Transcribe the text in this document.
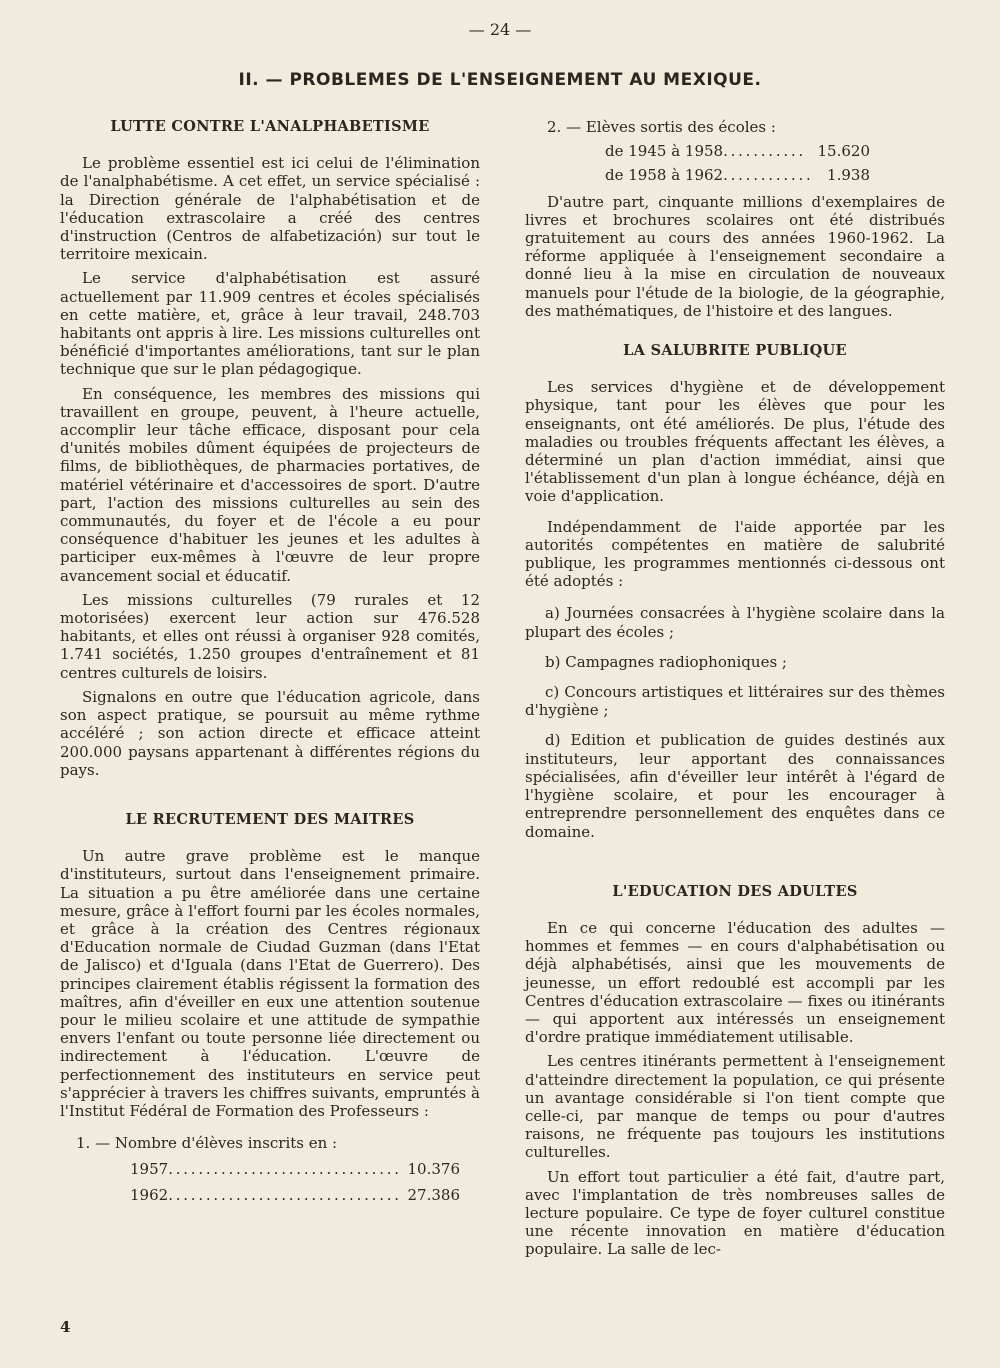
— 24 —
II. — PROBLEMES DE L'ENSEIGNEMENT AU MEXIQUE.
LUTTE CONTRE L'ANALPHABETISME

Le problème essentiel est ici celui de l'élimination de l'analphabétisme. A cet effet, un service spécialisé : la Direction générale de l'alphabétisation et de l'éducation extrascolaire a créé des centres d'instruction (Centros de alfabetización) sur tout le territoire mexicain.

Le service d'alphabétisation est assuré actuellement par 11.909 centres et écoles spécialisés en cette matière, et, grâce à leur travail, 248.703 habitants ont appris à lire. Les missions culturelles ont bénéficié d'importantes améliorations, tant sur le plan technique que sur le plan pédagogique.

En conséquence, les membres des missions qui travaillent en groupe, peuvent, à l'heure actuelle, accomplir leur tâche efficace, disposant pour cela d'unités mobiles dûment équipées de projecteurs de films, de bibliothèques, de pharmacies portatives, de matériel vétérinaire et d'accessoires de sport. D'autre part, l'action des missions culturelles au sein des communautés, du foyer et de l'école a eu pour conséquence d'habituer les jeunes et les adultes à participer eux-mêmes à l'œuvre de leur propre avancement social et éducatif.

Les missions culturelles (79 rurales et 12 motorisées) exercent leur action sur 476.528 habitants, et elles ont réussi à organiser 928 comités, 1.741 sociétés, 1.250 groupes d'entraînement et 81 centres culturels de loisirs.

Signalons en outre que l'éducation agricole, dans son aspect pratique, se poursuit au même rythme accéléré ; son action directe et efficace atteint 200.000 paysans appartenant à différentes régions du pays.

LE RECRUTEMENT DES MAITRES

Un autre grave problème est le manque d'instituteurs, surtout dans l'enseignement primaire. La situation a pu être améliorée dans une certaine mesure, grâce à l'effort fourni par les écoles normales, et grâce à la création des Centres régionaux d'Education normale de Ciudad Guzman (dans l'Etat de Jalisco) et d'Iguala (dans l'Etat de Guerrero). Des principes clairement établis régissent la formation des maîtres, afin d'éveiller en eux une attention soutenue pour le milieu scolaire et une attitude de sympathie envers l'enfant ou toute personne liée directement ou indirectement à l'éducation. L'œuvre de perfectionnement des instituteurs en service peut s'apprécier à travers les chiffres suivants, empruntés à l'Institut Fédéral de Formation des Professeurs :

1. — Nombre d'élèves inscrits en :
1957 . . .	10.376
1962 . . .	27.386
2. — Elèves sortis des écoles :
de 1945 à 1958 . . .	15.620
de 1958 à 1962 . . .	1.938

D'autre part, cinquante millions d'exemplaires de livres et brochures scolaires ont été distribués gratuitement au cours des années 1960-1962. La réforme appliquée à l'enseignement secondaire a donné lieu à la mise en circulation de nouveaux manuels pour l'étude de la biologie, de la géographie, des mathématiques, de l'histoire et des langues.

LA SALUBRITE PUBLIQUE

Les services d'hygiène et de développement physique, tant pour les élèves que pour les enseignants, ont été améliorés. De plus, l'étude des maladies ou troubles fréquents affectant les élèves, a déterminé un plan d'action immédiat, ainsi que l'établissement d'un plan à longue échéance, déjà en voie d'application.

Indépendamment de l'aide apportée par les autorités compétentes en matière de salubrité publique, les programmes mentionnés ci-dessous ont été adoptés :

a) Journées consacrées à l'hygiène scolaire dans la plupart des écoles ;
b) Campagnes radiophoniques ;
c) Concours artistiques et littéraires sur des thèmes d'hygiène ;
d) Edition et publication de guides destinés aux instituteurs, leur apportant des connaissances spécialisées, afin d'éveiller leur intérêt à l'égard de l'hygiène scolaire, et pour les encourager à entreprendre personnellement des enquêtes dans ce domaine.
L'EDUCATION DES ADULTES

En ce qui concerne l'éducation des adultes — hommes et femmes — en cours d'alphabétisation ou déjà alphabétisés, ainsi que les mouvements de jeunesse, un effort redoublé est accompli par les Centres d'éducation extrascolaire — fixes ou itinérants — qui apportent aux intéressés un enseignement d'ordre pratique immédiatement utilisable.

Les centres itinérants permettent à l'enseignement d'atteindre directement la population, ce qui présente un avantage considérable si l'on tient compte que celle-ci, par manque de temps ou pour d'autres raisons, ne fréquente pas toujours les institutions culturelles.

Un effort tout particulier a été fait, d'autre part, avec l'implantation de très nombreuses salles de lecture populaire. Ce type de foyer culturel constitue une récente innovation en matière d'éducation populaire. La salle de lec-

4
